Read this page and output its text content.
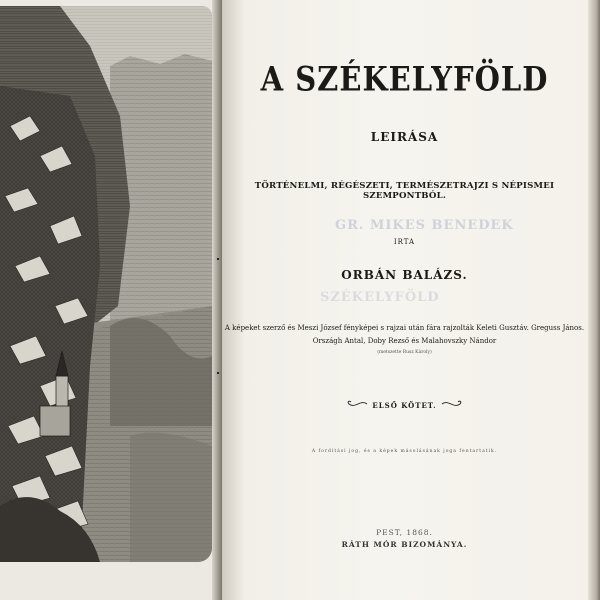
GR. MIKES BENEDEK
SZÉKELYFÖLD
A SZÉKELYFÖLD
LEIRÁSA
TÖRTÉNELMI, RÉGÉSZETI, TERMÉSZETRAJZI S NÉPISMEI SZEMPONTBÓL.
IRTA
ORBÁN BALÁZS.
A képeket szerző és Meszi József fényképei s rajzai után fára rajzolták Keleti Gusztáv. Greguss János.
Országh Antal, Doby Rezső és Malahovszky Nándor
(metszette Rusz Károly)
ELSŐ KÖTET.
A fordítási jog, és a képek másolásának joga fentartatik.
PEST, 1868.
RÁTH MÓR BIZOMÁNYA.
